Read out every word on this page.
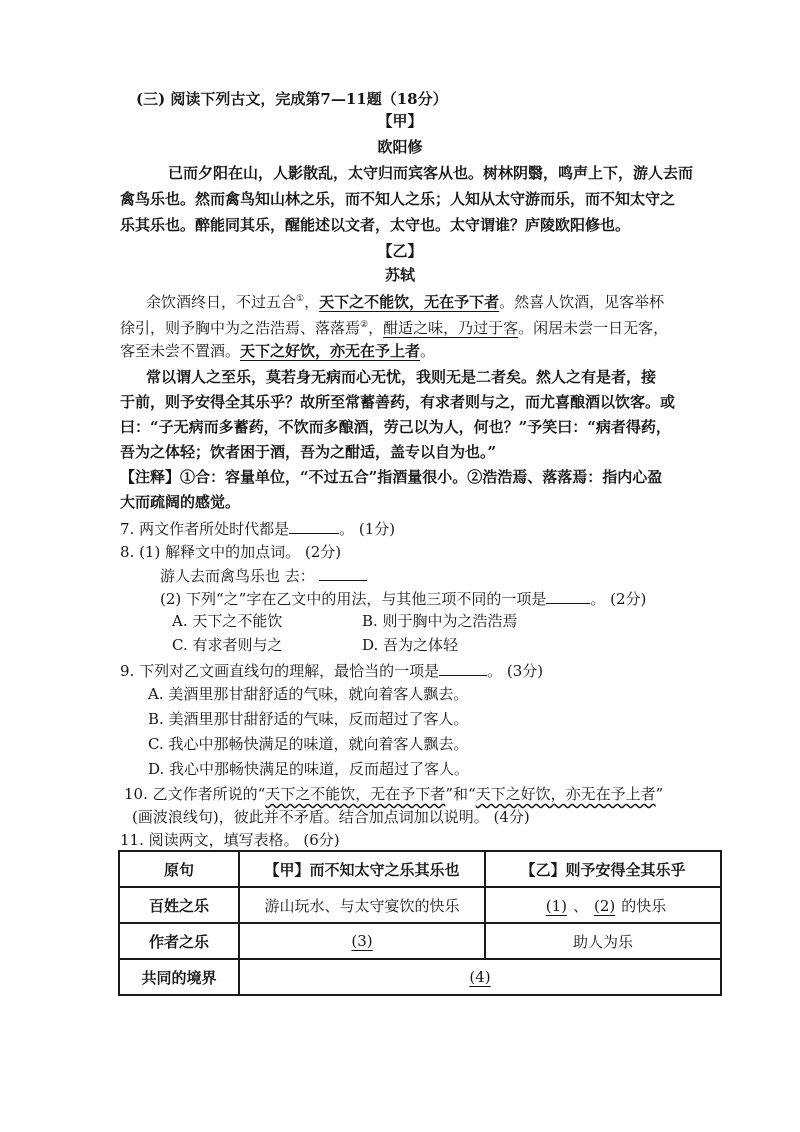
(三) 阅读下列古文，完成第7—11题（18分）
【甲】
欧阳修
已而夕阳在山，人影散乱，太守归而宾客从也。树林阴翳，鸣声上下，游人去而
禽鸟乐也。然而禽鸟知山林之乐，而不知人之乐；人知从太守游而乐，而不知太守之
乐其乐也。醉能同其乐，醒能述以文者，太守也。太守谓谁？庐陵欧阳修也。
【乙】
苏轼
余饮酒终日，不过五合①，天下之不能饮，无在予下者。然喜人饮酒，见客举杯
徐引，则予胸中为之浩浩焉、落落焉②，酣适之味，乃过于客。闲居未尝一日无客，
客至未尝不置酒。天下之好饮，亦无在予上者。
常以谓人之至乐，莫若身无病而心无忧，我则无是二者矣。然人之有是者，接
于前，则予安得全其乐乎？故所至常蓄善药，有求者则与之，而尤喜酿酒以饮客。或
曰：“子无病而多蓄药，不饮而多酿酒，劳己以为人，何也？”予笑曰：“病者得药，
吾为之体轻；饮者困于酒，吾为之酣适，盖专以自为也。”
【注释】①合：容量单位，“不过五合”指酒量很小。②浩浩焉、落落焉：指内心盈
大而疏阔的感觉。
7. 两文作者所处时代都是	。 (1分)
8. (1) 解释文中的加点词。 (2分)
游人去而禽鸟乐也 去：
(2) 下列“之”字在乙文中的用法，与其他三项不同的一项是	。 (2分)
A. 天下之不能饮	B. 则于胸中为之浩浩焉
C. 有求者则与之	D. 吾为之体轻
9. 下列对乙文画直线句的理解，最恰当的一项是	。 (3分)
A. 美酒里那甘甜舒适的气味，就向着客人飘去。
B. 美酒里那甘甜舒适的气味，反而超过了客人。
C. 我心中那畅快满足的味道，就向着客人飘去。
D. 我心中那畅快满足的味道，反而超过了客人。
10. 乙文作者所说的“天下之不能饮，无在予下者”和“天下之好饮，亦无在予上者”
(画波浪线句)，彼此并不矛盾。结合加点词加以说明。 (4分)
11. 阅读两文，填写表格。 (6分)
原句	【甲】而不知太守之乐其乐也	【乙】则予安得全其乐乎
百姓之乐	游山玩水、与太守宴饮的快乐	(1) 、 (2) 的快乐
作者之乐	(3)	助人为乐
共同的境界	(4)	
